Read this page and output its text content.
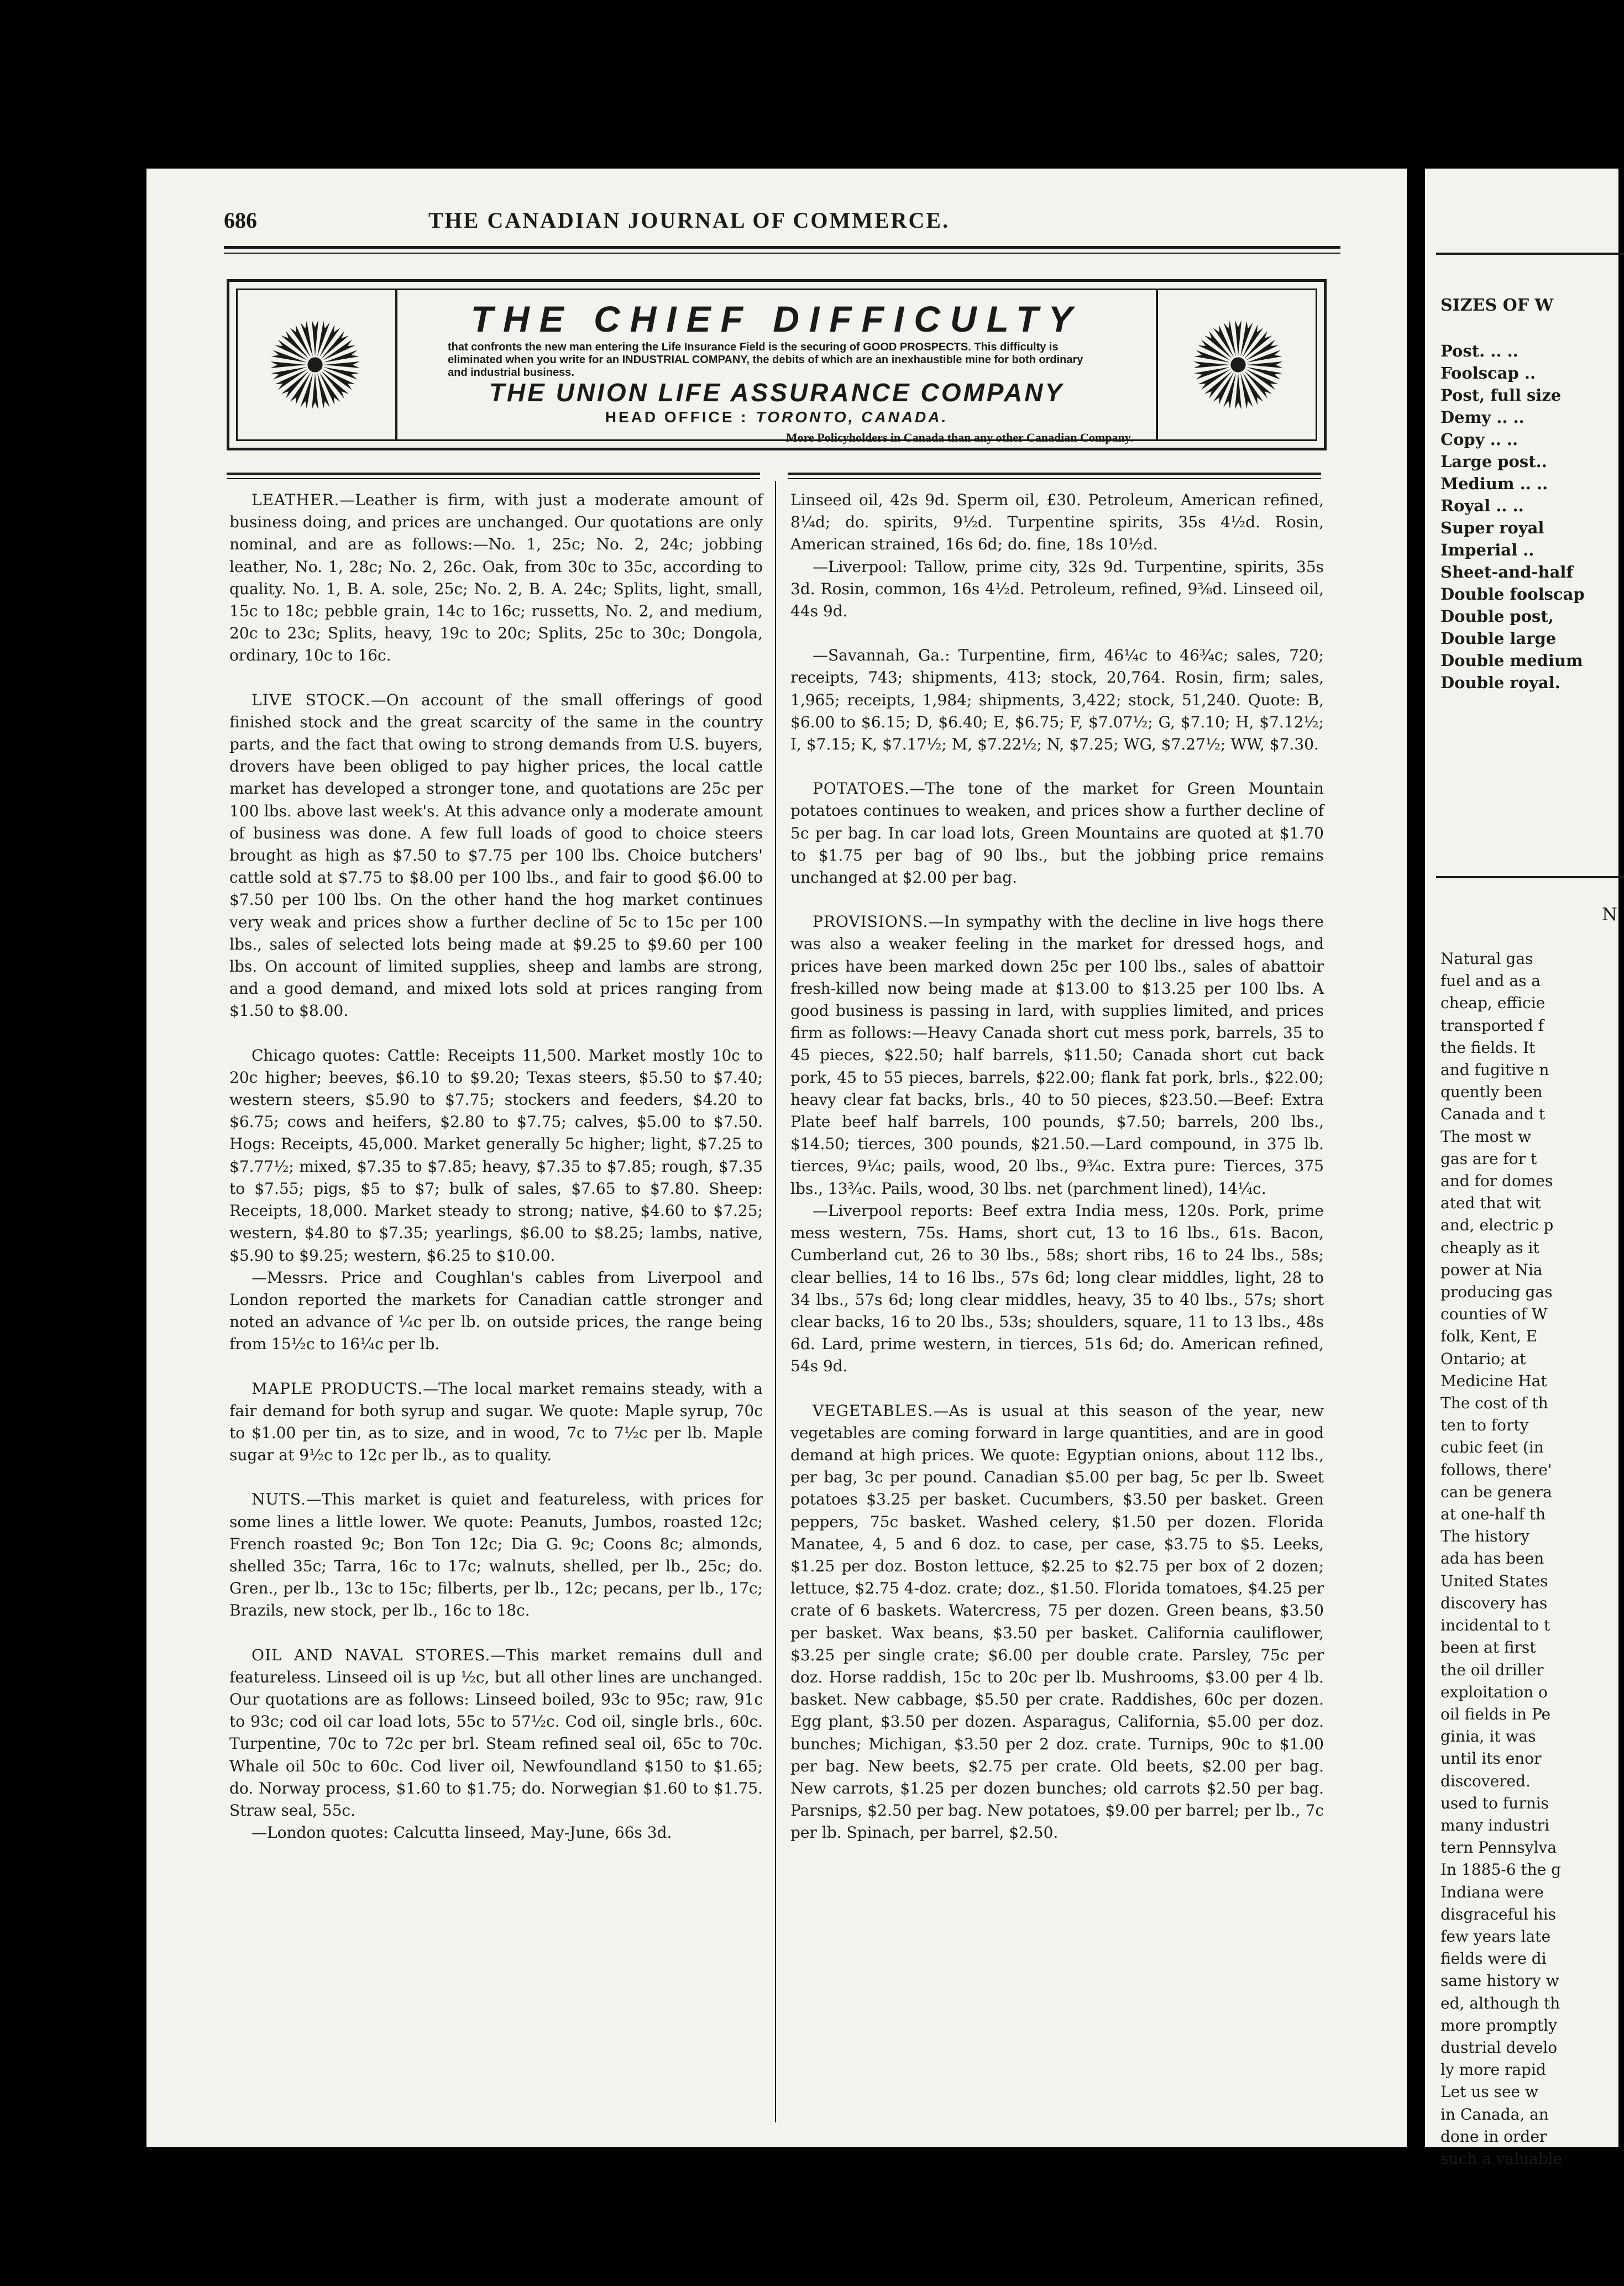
686	THE CANADIAN JOURNAL OF COMMERCE.
THE CHIEF DIFFICULTY
that confronts the new man entering the Life Insurance Field is the securing of GOOD PROSPECTS. This difficulty is eliminated when you write for an INDUSTRIAL COMPANY, the debits of which are an inexhaustible mine for both ordinary and industrial business.
THE UNION LIFE ASSURANCE COMPANY
HEAD OFFICE : TORONTO, CANADA.
More Policyholders in Canada than any other Canadian Company.

LEATHER.—Leather is firm, with just a moderate amount of business doing, and prices are unchanged. Our quotations are only nominal, and are as follows:—No. 1, 25c; No. 2, 24c; jobbing leather, No. 1, 28c; No. 2, 26c. Oak, from 30c to 35c, according to quality. No. 1, B. A. sole, 25c; No. 2, B. A. 24c; Splits, light, small, 15c to 18c; pebble grain, 14c to 16c; russetts, No. 2, and medium, 20c to 23c; Splits, heavy, 19c to 20c; Splits, 25c to 30c; Dongola, ordinary, 10c to 16c.

LIVE STOCK.—On account of the small offerings of good finished stock and the great scarcity of the same in the country parts, and the fact that owing to strong demands from U.S. buyers, drovers have been obliged to pay higher prices, the local cattle market has developed a stronger tone, and quotations are 25c per 100 lbs. above last week's. At this advance only a moderate amount of business was done. A few full loads of good to choice steers brought as high as $7.50 to $7.75 per 100 lbs. Choice butchers' cattle sold at $7.75 to $8.00 per 100 lbs., and fair to good $6.00 to $7.50 per 100 lbs. On the other hand the hog market continues very weak and prices show a further decline of 5c to 15c per 100 lbs., sales of selected lots being made at $9.25 to $9.60 per 100 lbs. On account of limited supplies, sheep and lambs are strong, and a good demand, and mixed lots sold at prices ranging from $1.50 to $8.00.

Chicago quotes: Cattle: Receipts 11,500. Market mostly 10c to 20c higher; beeves, $6.10 to $9.20; Texas steers, $5.50 to $7.40; western steers, $5.90 to $7.75; stockers and feeders, $4.20 to $6.75; cows and heifers, $2.80 to $7.75; calves, $5.00 to $7.50. Hogs: Receipts, 45,000. Market generally 5c higher; light, $7.25 to $7.77½; mixed, $7.35 to $7.85; heavy, $7.35 to $7.85; rough, $7.35 to $7.55; pigs, $5 to $7; bulk of sales, $7.65 to $7.80. Sheep: Receipts, 18,000. Market steady to strong; native, $4.60 to $7.25; western, $4.80 to $7.35; yearlings, $6.00 to $8.25; lambs, native, $5.90 to $9.25; western, $6.25 to $10.00.

—Messrs. Price and Coughlan's cables from Liverpool and London reported the markets for Canadian cattle stronger and noted an advance of ¼c per lb. on outside prices, the range being from 15½c to 16¼c per lb.

MAPLE PRODUCTS.—The local market remains steady, with a fair demand for both syrup and sugar. We quote: Maple syrup, 70c to $1.00 per tin, as to size, and in wood, 7c to 7½c per lb. Maple sugar at 9½c to 12c per lb., as to quality.

NUTS.—This market is quiet and featureless, with prices for some lines a little lower. We quote: Peanuts, Jumbos, roasted 12c; French roasted 9c; Bon Ton 12c; Dia G. 9c; Coons 8c; almonds, shelled 35c; Tarra, 16c to 17c; walnuts, shelled, per lb., 25c; do. Gren., per lb., 13c to 15c; filberts, per lb., 12c; pecans, per lb., 17c; Brazils, new stock, per lb., 16c to 18c.

OIL AND NAVAL STORES.—This market remains dull and featureless. Linseed oil is up ½c, but all other lines are unchanged. Our quotations are as follows: Linseed boiled, 93c to 95c; raw, 91c to 93c; cod oil car load lots, 55c to 57½c. Cod oil, single brls., 60c. Turpentine, 70c to 72c per brl. Steam refined seal oil, 65c to 70c. Whale oil 50c to 60c. Cod liver oil, Newfoundland $150 to $1.65; do. Norway process, $1.60 to $1.75; do. Norwegian $1.60 to $1.75. Straw seal, 55c.

—London quotes: Calcutta linseed, May-June, 66s 3d.

Linseed oil, 42s 9d. Sperm oil, £30. Petroleum, American refined, 8¼d; do. spirits, 9½d. Turpentine spirits, 35s 4½d. Rosin, American strained, 16s 6d; do. fine, 18s 10½d.

—Liverpool: Tallow, prime city, 32s 9d. Turpentine, spirits, 35s 3d. Rosin, common, 16s 4½d. Petroleum, refined, 9⅜d. Linseed oil, 44s 9d.

—Savannah, Ga.: Turpentine, firm, 46¼c to 46¾c; sales, 720; receipts, 743; shipments, 413; stock, 20,764. Rosin, firm; sales, 1,965; receipts, 1,984; shipments, 3,422; stock, 51,240. Quote: B, $6.00 to $6.15; D, $6.40; E, $6.75; F, $7.07½; G, $7.10; H, $7.12½; I, $7.15; K, $7.17½; M, $7.22½; N, $7.25; WG, $7.27½; WW, $7.30.

POTATOES.—The tone of the market for Green Mountain potatoes continues to weaken, and prices show a further decline of 5c per bag. In car load lots, Green Mountains are quoted at $1.70 to $1.75 per bag of 90 lbs., but the jobbing price remains unchanged at $2.00 per bag.

PROVISIONS.—In sympathy with the decline in live hogs there was also a weaker feeling in the market for dressed hogs, and prices have been marked down 25c per 100 lbs., sales of abattoir fresh-killed now being made at $13.00 to $13.25 per 100 lbs. A good business is passing in lard, with supplies limited, and prices firm as follows:—Heavy Canada short cut mess pork, barrels, 35 to 45 pieces, $22.50; half barrels, $11.50; Canada short cut back pork, 45 to 55 pieces, barrels, $22.00; flank fat pork, brls., $22.00; heavy clear fat backs, brls., 40 to 50 pieces, $23.50.—Beef: Extra Plate beef half barrels, 100 pounds, $7.50; barrels, 200 lbs., $14.50; tierces, 300 pounds, $21.50.—Lard compound, in 375 lb. tierces, 9¼c; pails, wood, 20 lbs., 9¾c. Extra pure: Tierces, 375 lbs., 13¾c. Pails, wood, 30 lbs. net (parchment lined), 14¼c.

—Liverpool reports: Beef extra India mess, 120s. Pork, prime mess western, 75s. Hams, short cut, 13 to 16 lbs., 61s. Bacon, Cumberland cut, 26 to 30 lbs., 58s; short ribs, 16 to 24 lbs., 58s; clear bellies, 14 to 16 lbs., 57s 6d; long clear middles, light, 28 to 34 lbs., 57s 6d; long clear middles, heavy, 35 to 40 lbs., 57s; short clear backs, 16 to 20 lbs., 53s; shoulders, square, 11 to 13 lbs., 48s 6d. Lard, prime western, in tierces, 51s 6d; do. American refined, 54s 9d.

VEGETABLES.—As is usual at this season of the year, new vegetables are coming forward in large quantities, and are in good demand at high prices. We quote: Egyptian onions, about 112 lbs., per bag, 3c per pound. Canadian $5.00 per bag, 5c per lb. Sweet potatoes $3.25 per basket. Cucumbers, $3.50 per basket. Green peppers, 75c basket. Washed celery, $1.50 per dozen. Florida Manatee, 4, 5 and 6 doz. to case, per case, $3.75 to $5. Leeks, $1.25 per doz. Boston lettuce, $2.25 to $2.75 per box of 2 dozen; lettuce, $2.75 4-doz. crate; doz., $1.50. Florida tomatoes, $4.25 per crate of 6 baskets. Watercress, 75 per dozen. Green beans, $3.50 per basket. Wax beans, $3.50 per basket. California cauliflower, $3.25 per single crate; $6.00 per double crate. Parsley, 75c per doz. Horse raddish, 15c to 20c per lb. Mushrooms, $3.00 per 4 lb. basket. New cabbage, $5.50 per crate. Raddishes, 60c per dozen. Egg plant, $3.50 per dozen. Asparagus, California, $5.00 per doz. bunches; Michigan, $3.50 per 2 doz. crate. Turnips, 90c to $1.00 per bag. New beets, $2.75 per crate. Old beets, $2.00 per bag. New carrots, $1.25 per dozen bunches; old carrots $2.50 per bag. Parsnips, $2.50 per bag. New potatoes, $9.00 per barrel; per lb., 7c per lb. Spinach, per barrel, $2.50.

SIZES OF W
Post. .. ..
Foolscap ..
Post, full size
Demy .. ..
Copy .. ..
Large post..
Medium .. ..
Royal .. ..
Super royal
Imperial ..
Sheet-and-half
Double foolscap
Double post,
Double large
Double medium
Double royal.
N
Natural gas
fuel and as a
cheap, efficie
transported f
the fields. It
and fugitive n
quently been
Canada and t
The most w
gas are for t
and for domes
ated that wit
and, electric p
cheaply as it
power at Nia
producing gas
counties of W
folk, Kent, E
Ontario; at
Medicine Hat
The cost of th
ten to forty
cubic feet (in
follows, there'
can be genera
at one-half th
The history
ada has been
United States
discovery has
incidental to t
been at first
the oil driller
exploitation o
oil fields in Pe
ginia, it was
until its enor
discovered.
used to furnis
many industri
tern Pennsylva
In 1885-6 the g
Indiana were
disgraceful his
few years late
fields were di
same history w
ed, although th
more promptly
dustrial develo
ly more rapid
Let us see w
in Canada, an
done in order
such a valuable
